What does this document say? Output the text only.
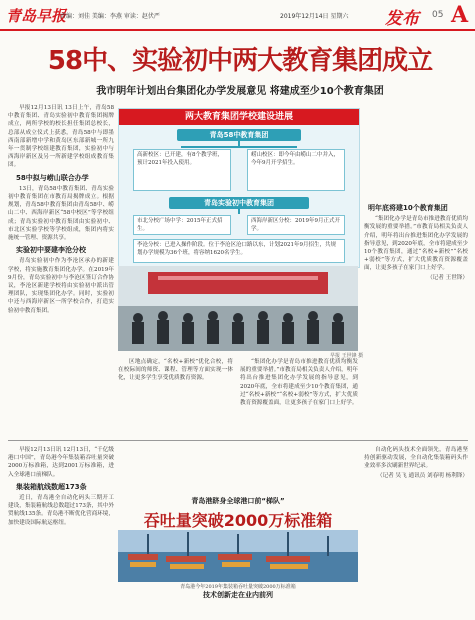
青岛早报
责编：刘佳 美编：李燕 审读：赵伏严	2019年12月14日 星期六 发布 05 A
58中、实验初中两大教育集团成立
我市明年计划出台集团化办学发展意见 将建成至少10个教育集团

早报12月13日讯 13日上午，青岛58中教育集团、青岛实验初中教育集团揭牌成立，两所学校的校长担任集团总校长，总部从成立仪式上获悉，青岛58中与即墨西南部新增中学和黄岛区东部新城一所九年一贯制学校组建教育集团，实验初中与西海岸新区及另一所新建学校组成教育集团。

58中拟与崂山联合办学

13日，青岛58中教育集团、青岛实验初中教育集团在市教育局揭牌成立。根据规划，青岛58中教育集团由青岛58中、崂山二中、西海岸新区“58中校区”等学校组成；青岛实验初中教育集团由实验初中、市北区实验学校等学校组成，集团内将实施统一管理、资源共享。

实验初中要建李沧分校

青岛实验初中作为李沧区承办的新建学校，将实施教育集团化办学。在2019年9月份，青岛实验初中与李沧区签订合作协议，李沧区新建学校将由实验初中派出管理团队，实现集团化办学。同时，实验初中还与西海岸新区一所学校合作，打造实验初中教育集团。

两大教育集团学校建设进展
青岛58中教育集团
高新校区：已开建，有8个教学班，预计2021年投入使用。
崂山校区：即今年由崂山二中并入，今年9月开学招生。
青岛实验初中教育集团
市北分校广场中学：2015年正式招生。
西海岸新区分校：2019年9月正式开学。
李沧分校：已进入操作阶段。位于李沧区沧口路以东，计划2021年9月招生，共规划办学规模为36个班，将容纳1620名学生。
早报 王世锋 摄

区地点确定，“名校+新校”优化合校，将在校际间的师资、课程、管理等方面实现一体化，让更多学生享受优质教育资源。

“集团化办学是青岛市推进教育优质均衡发展的重要举措。”市教育局相关负责人介绍，明年将出台推进集团化办学发展的指导意见，到2020年底，全市将建成至少10个教育集团，通过“名校+新校”“名校+弱校”等方式，扩大优质教育资源覆盖面，让更多孩子在家门口上好学。

明年底将建10个教育集团

“集团化办学是青岛市推进教育优质均衡发展的重要举措。”市教育局相关负责人介绍，明年将出台推进集团化办学发展的指导意见，到2020年底，全市将建成至少10个教育集团，通过“名校+新校”“名校+弱校”等方式，扩大优质教育资源覆盖面，让更多孩子在家门口上好学。

（记者 王世锋）

早报12月13日讯 12月13日，“千亿级港口中国”，青岛港今年集装箱吞吐量突破2000万标准箱，达到2001万标准箱，进入全球港口前梯队。

集装箱航线数超173条

近日，青岛港全自动化码头三期开工建设，集装箱航线总数超过173条，其中外贸航线135条。青岛港不断优化营商环境，加快建设国际航运枢纽。

青岛港跻身全球港口前“梯队”
吞吐量突破2000万标准箱
青岛港今年2019年集装箱吞吐量突破2000万标准箱
技术创新走在业内前列

自动化码头技术全面领先，青岛港坚持创新驱动发展，全自动化集装箱码头作业效率多次刷新世界纪录。

（记者 吴飞 通讯员 刘春明 杨利锋）
